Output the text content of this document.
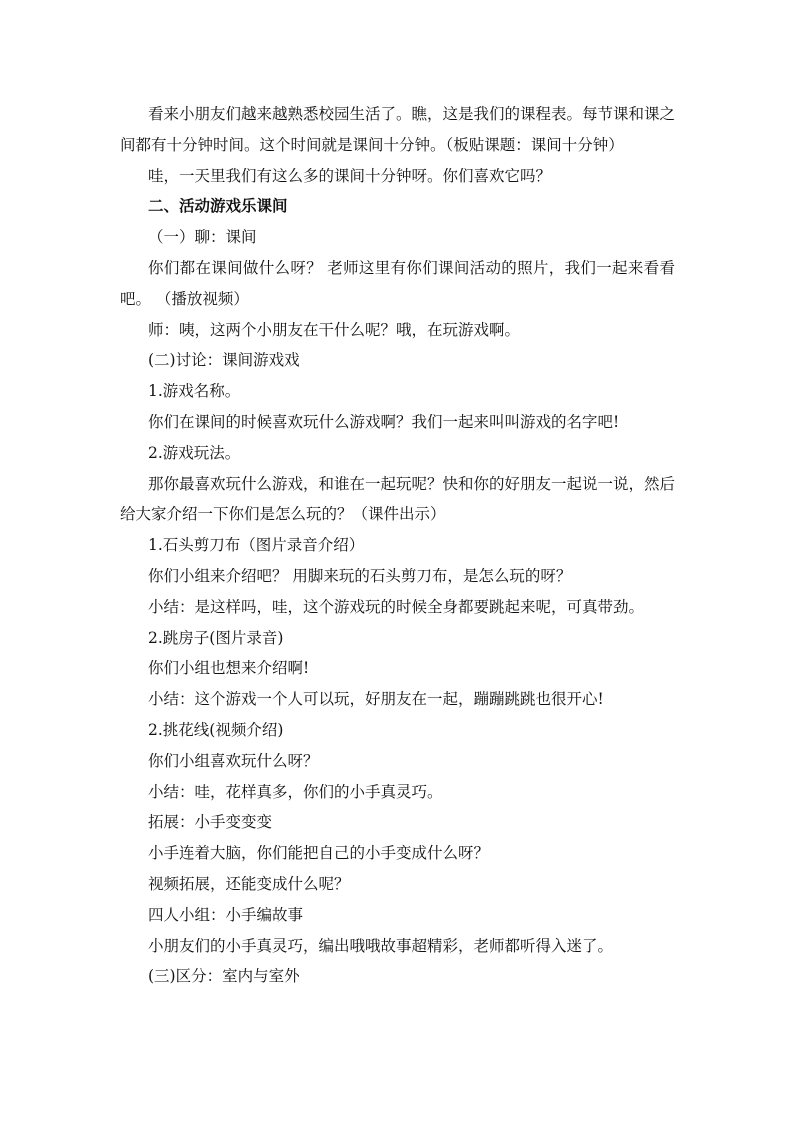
看来小朋友们越来越熟悉校园生活了。瞧，这是我们的课程表。每节课和课之间都有十分钟时间。这个时间就是课间十分钟。（板贴课题：课间十分钟）

哇，一天里我们有这么多的课间十分钟呀。你们喜欢它吗？

二、活动游戏乐课间

（一）聊：课间

你们都在课间做什么呀？ 老师这里有你们课间活动的照片，我们一起来看看吧。 （播放视频）

师：咦，这两个小朋友在干什么呢？哦，在玩游戏啊。

(二)讨论：课间游戏戏

1.游戏名称。

你们在课间的时候喜欢玩什么游戏啊？我们一起来叫叫游戏的名字吧!

2.游戏玩法。

那你最喜欢玩什么游戏，和谁在一起玩呢？快和你的好朋友一起说一说，然后给大家介绍一下你们是怎么玩的？（课件出示）

1.石头剪刀布（图片录音介绍）

你们小组来介绍吧？ 用脚来玩的石头剪刀布，是怎么玩的呀？

小结：是这样吗，哇，这个游戏玩的时候全身都要跳起来呢，可真带劲。

2.跳房子(图片录音)

你们小组也想来介绍啊!

小结：这个游戏一个人可以玩，好朋友在一起，蹦蹦跳跳也很开心!

2.挑花线(视频介绍)

你们小组喜欢玩什么呀？

小结：哇，花样真多，你们的小手真灵巧。

拓展：小手变变变

小手连着大脑，你们能把自己的小手变成什么呀？

视频拓展，还能变成什么呢？

四人小组：小手编故事

小朋友们的小手真灵巧，编出哦哦故事超精彩，老师都听得入迷了。

(三)区分：室内与室外
